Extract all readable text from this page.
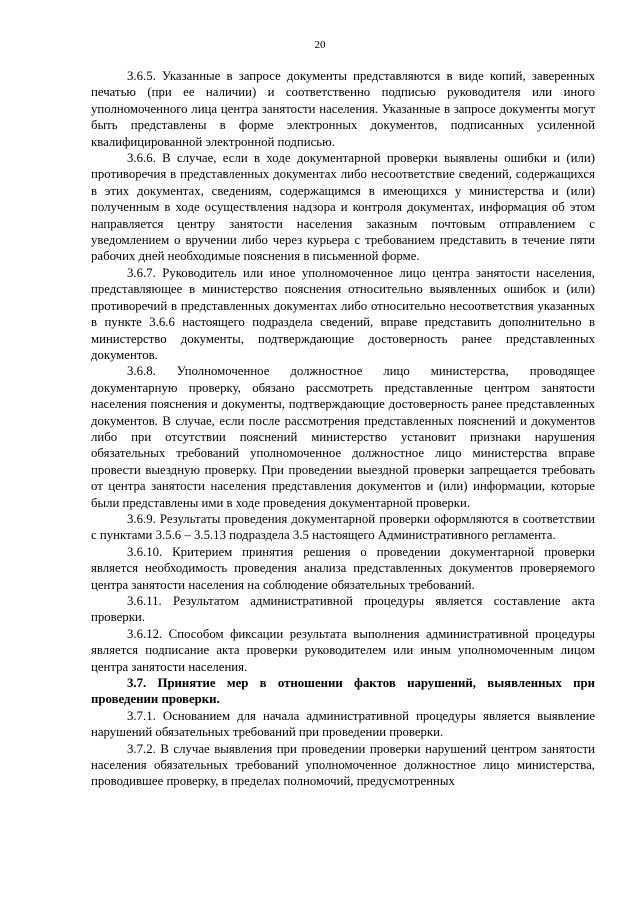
20

3.6.5. Указанные в запросе документы представляются в виде копий, заверенных печатью (при ее наличии) и соответственно подписью руководителя или иного уполномоченного лица центра занятости населения. Указанные в запросе документы могут быть представлены в форме электронных документов, подписанных усиленной квалифицированной электронной подписью.

3.6.6. В случае, если в ходе документарной проверки выявлены ошибки и (или) противоречия в представленных документах либо несоответствие сведений, содержащихся в этих документах, сведениям, содержащимся в имеющихся у министерства и (или) полученным в ходе осуществления надзора и контроля документах, информация об этом направляется центру занятости населения заказным почтовым отправлением с уведомлением о вручении либо через курьера с требованием представить в течение пяти рабочих дней необходимые пояснения в письменной форме.

3.6.7. Руководитель или иное уполномоченное лицо центра занятости населения, представляющее в министерство пояснения относительно выявленных ошибок и (или) противоречий в представленных документах либо относительно несоответствия указанных в пункте 3.6.6 настоящего подраздела сведений, вправе представить дополнительно в министерство документы, подтверждающие достоверность ранее представленных документов.

3.6.8. Уполномоченное должностное лицо министерства, проводящее документарную проверку, обязано рассмотреть представленные центром занятости населения пояснения и документы, подтверждающие достоверность ранее представленных документов. В случае, если после рассмотрения представленных пояснений и документов либо при отсутствии пояснений министерство установит признаки нарушения обязательных требований уполномоченное должностное лицо министерства вправе провести выездную проверку. При проведении выездной проверки запрещается требовать от центра занятости населения представления документов и (или) информации, которые были представлены ими в ходе проведения документарной проверки.

3.6.9. Результаты проведения документарной проверки оформляются в соответствии с пунктами 3.5.6 – 3.5.13 подраздела 3.5 настоящего Административного регламента.

3.6.10. Критерием принятия решения о проведении документарной проверки является необходимость проведения анализа представленных документов проверяемого центра занятости населения на соблюдение обязательных требований.

3.6.11. Результатом административной процедуры является составление акта проверки.

3.6.12. Способом фиксации результата выполнения административной процедуры является подписание акта проверки руководителем или иным уполномоченным лицом центра занятости населения.

3.7. Принятие мер в отношении фактов нарушений, выявленных при проведении проверки.

3.7.1. Основанием для начала административной процедуры является выявление нарушений обязательных требований при проведении проверки.

3.7.2. В случае выявления при проведении проверки нарушений центром занятости населения обязательных требований уполномоченное должностное лицо министерства, проводившее проверку, в пределах полномочий, предусмотренных
